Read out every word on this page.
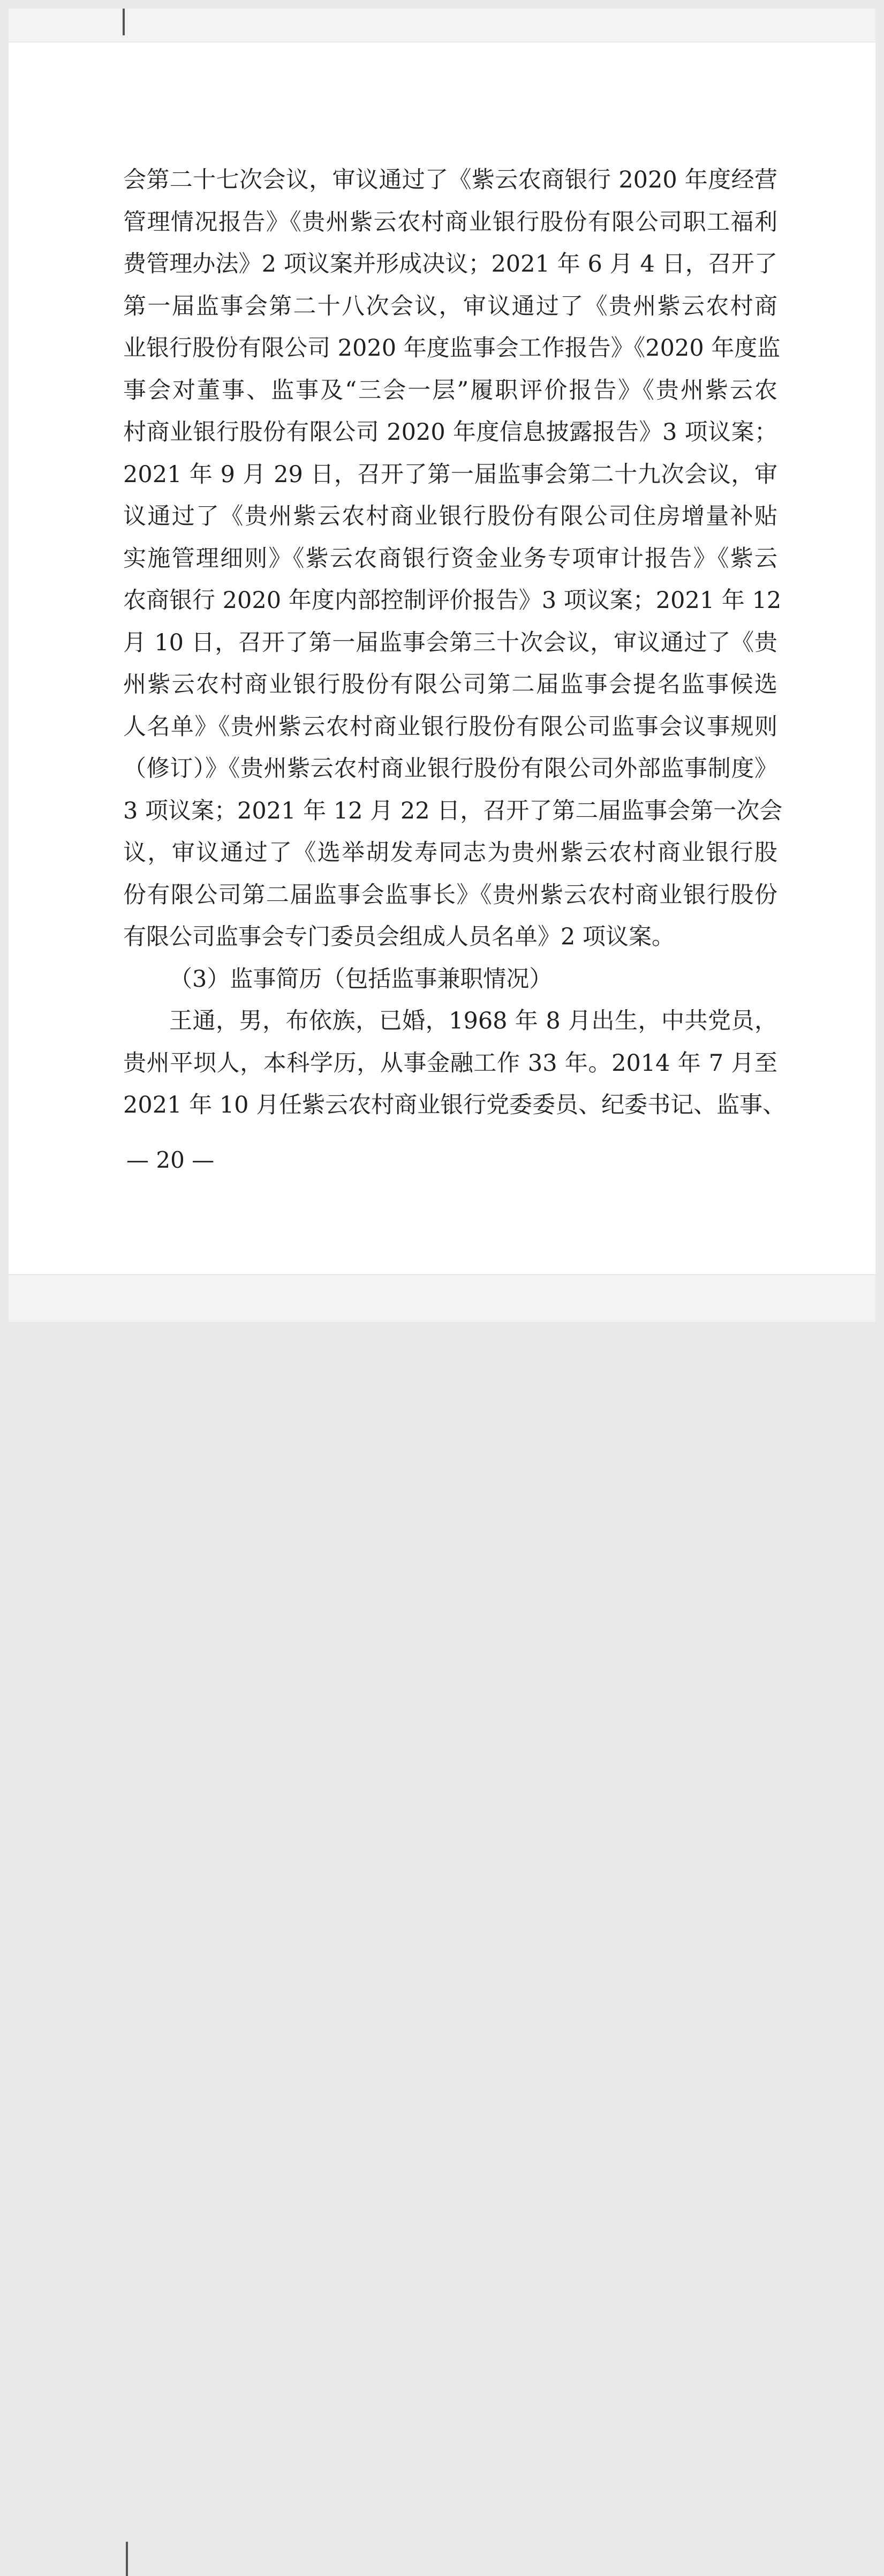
会第二十七次会议，审议通过了《紫云农商银行 2020 年度经营
管理情况报告》《贵州紫云农村商业银行股份有限公司职工福利
费管理办法》2 项议案并形成决议；2021 年 6 月 4 日，召开了
第一届监事会第二十八次会议，审议通过了《贵州紫云农村商
业银行股份有限公司 2020 年度监事会工作报告》《2020 年度监
事会对董事、监事及“三会一层”履职评价报告》《贵州紫云农
村商业银行股份有限公司 2020 年度信息披露报告》3 项议案；
2021 年 9 月 29 日，召开了第一届监事会第二十九次会议，审
议通过了《贵州紫云农村商业银行股份有限公司住房增量补贴
实施管理细则》《紫云农商银行资金业务专项审计报告》《紫云
农商银行 2020 年度内部控制评价报告》3 项议案；2021 年 12
月 10 日，召开了第一届监事会第三十次会议，审议通过了《贵
州紫云农村商业银行股份有限公司第二届监事会提名监事候选
人名单》《贵州紫云农村商业银行股份有限公司监事会议事规则
（修订）》《贵州紫云农村商业银行股份有限公司外部监事制度》
3 项议案；2021 年 12 月 22 日，召开了第二届监事会第一次会
议，审议通过了《选举胡发寿同志为贵州紫云农村商业银行股
份有限公司第二届监事会监事长》《贵州紫云农村商业银行股份
有限公司监事会专门委员会组成人员名单》2 项议案。
（3）监事简历（包括监事兼职情况）
王通，男，布依族，已婚，1968 年 8 月出生，中共党员，
贵州平坝人，本科学历，从事金融工作 33 年。2014 年 7 月至
2021 年 10 月任紫云农村商业银行党委委员、纪委书记、监事、
— 20 —
